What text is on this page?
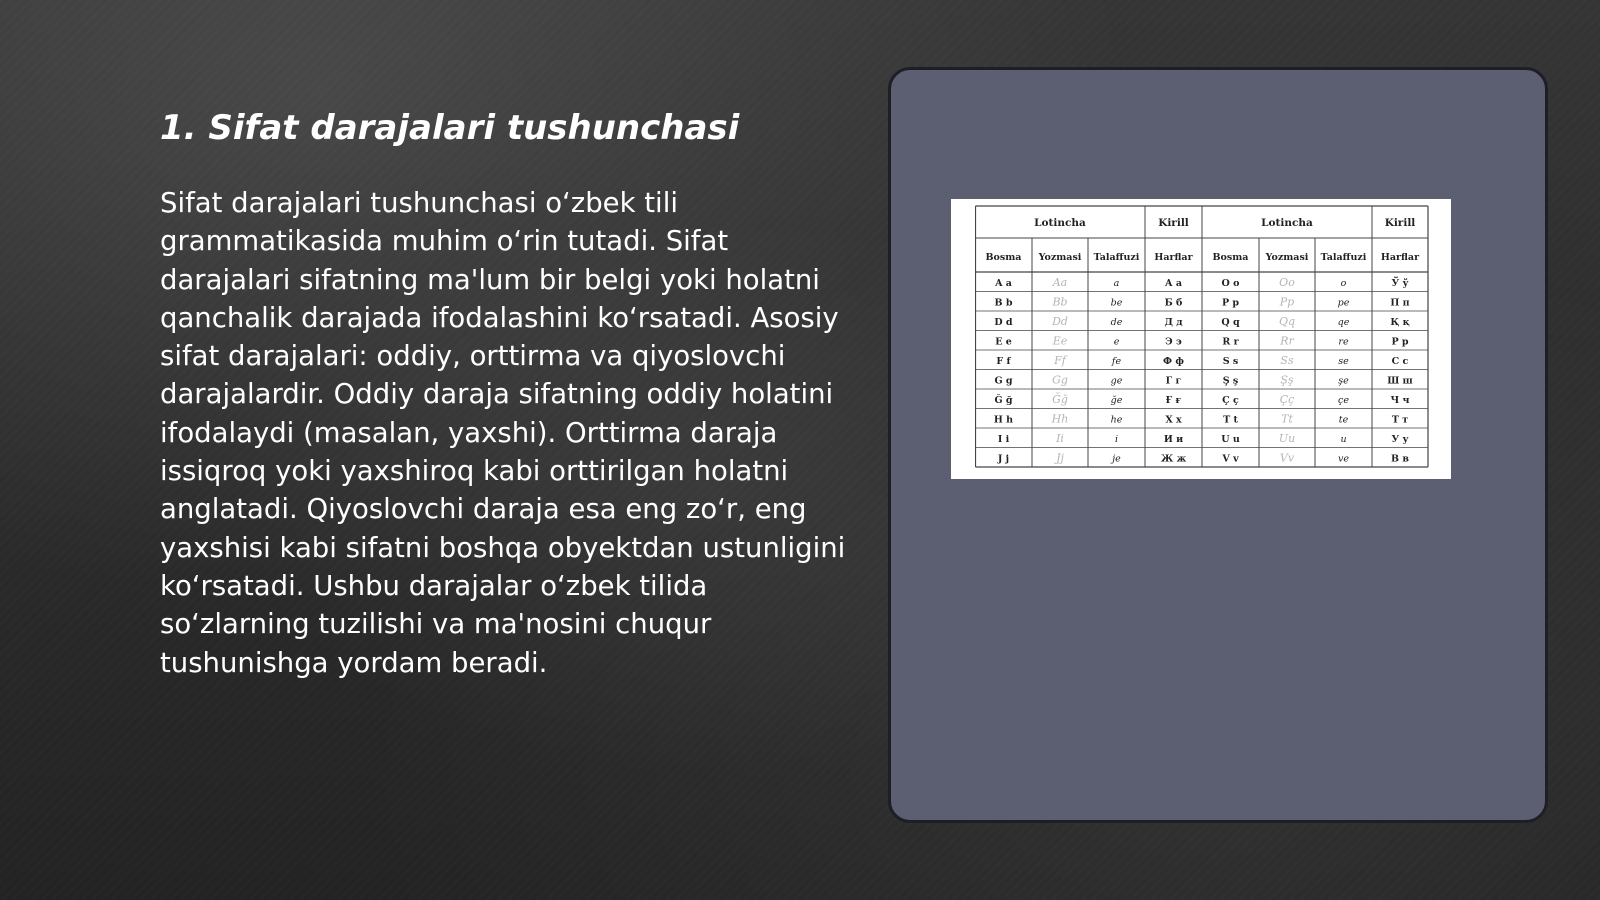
1. Sifat darajalari tushunchasi

Sifat darajalari tushunchasi o‘zbek tili grammatikasida muhim o‘rin tutadi. Sifat darajalari sifatning ma'lum bir belgi yoki holatni qanchalik darajada ifodalashini ko‘rsatadi. Asosiy sifat darajalari: oddiy, orttirma va qiyoslovchi darajalardir. Oddiy daraja sifatning oddiy holatini ifodalaydi (masalan, yaxshi). Orttirma daraja issiqroq yoki yaxshiroq kabi orttirilgan holatni anglatadi. Qiyoslovchi daraja esa eng zo‘r, eng yaxshisi kabi sifatni boshqa obyektdan ustunligini ko‘rsatadi. Ushbu darajalar o‘zbek tilida so‘zlarning tuzilishi va ma'nosini chuqur tushunishga yordam beradi.

Lotincha	Kirill	Lotincha	Kirill
Bosma Yozmasi Talaffuzi Harflar Bosma Yozmasi Talaffuzi Harflar
A a	Aa	a	А а	O o	Oo	o	Ў ў
B b	Bb	be	Б б	P p	Pp	pe	П п
D d	Dd	de	Д д	Q q	Qq	qe	Қ қ
E e	Ee	e	Э э	R r	Rr	re	Р р
F f	Ff	fe	Ф ф	S s	Ss	se	С с
G g	Gg	ge	Г г	Ş ş	Şş	şe	Ш ш
Ğ ğ	Ğğ	ğe	Ғ ғ	Ç ç	Çç	çe	Ч ч
H h	Hh	he	Х х	T t	Tt	te	Т т
I i	Ii	i	И и	U u	Uu	u	У у
J j	Jj	je	Ж ж	V v	Vv	ve	В в
